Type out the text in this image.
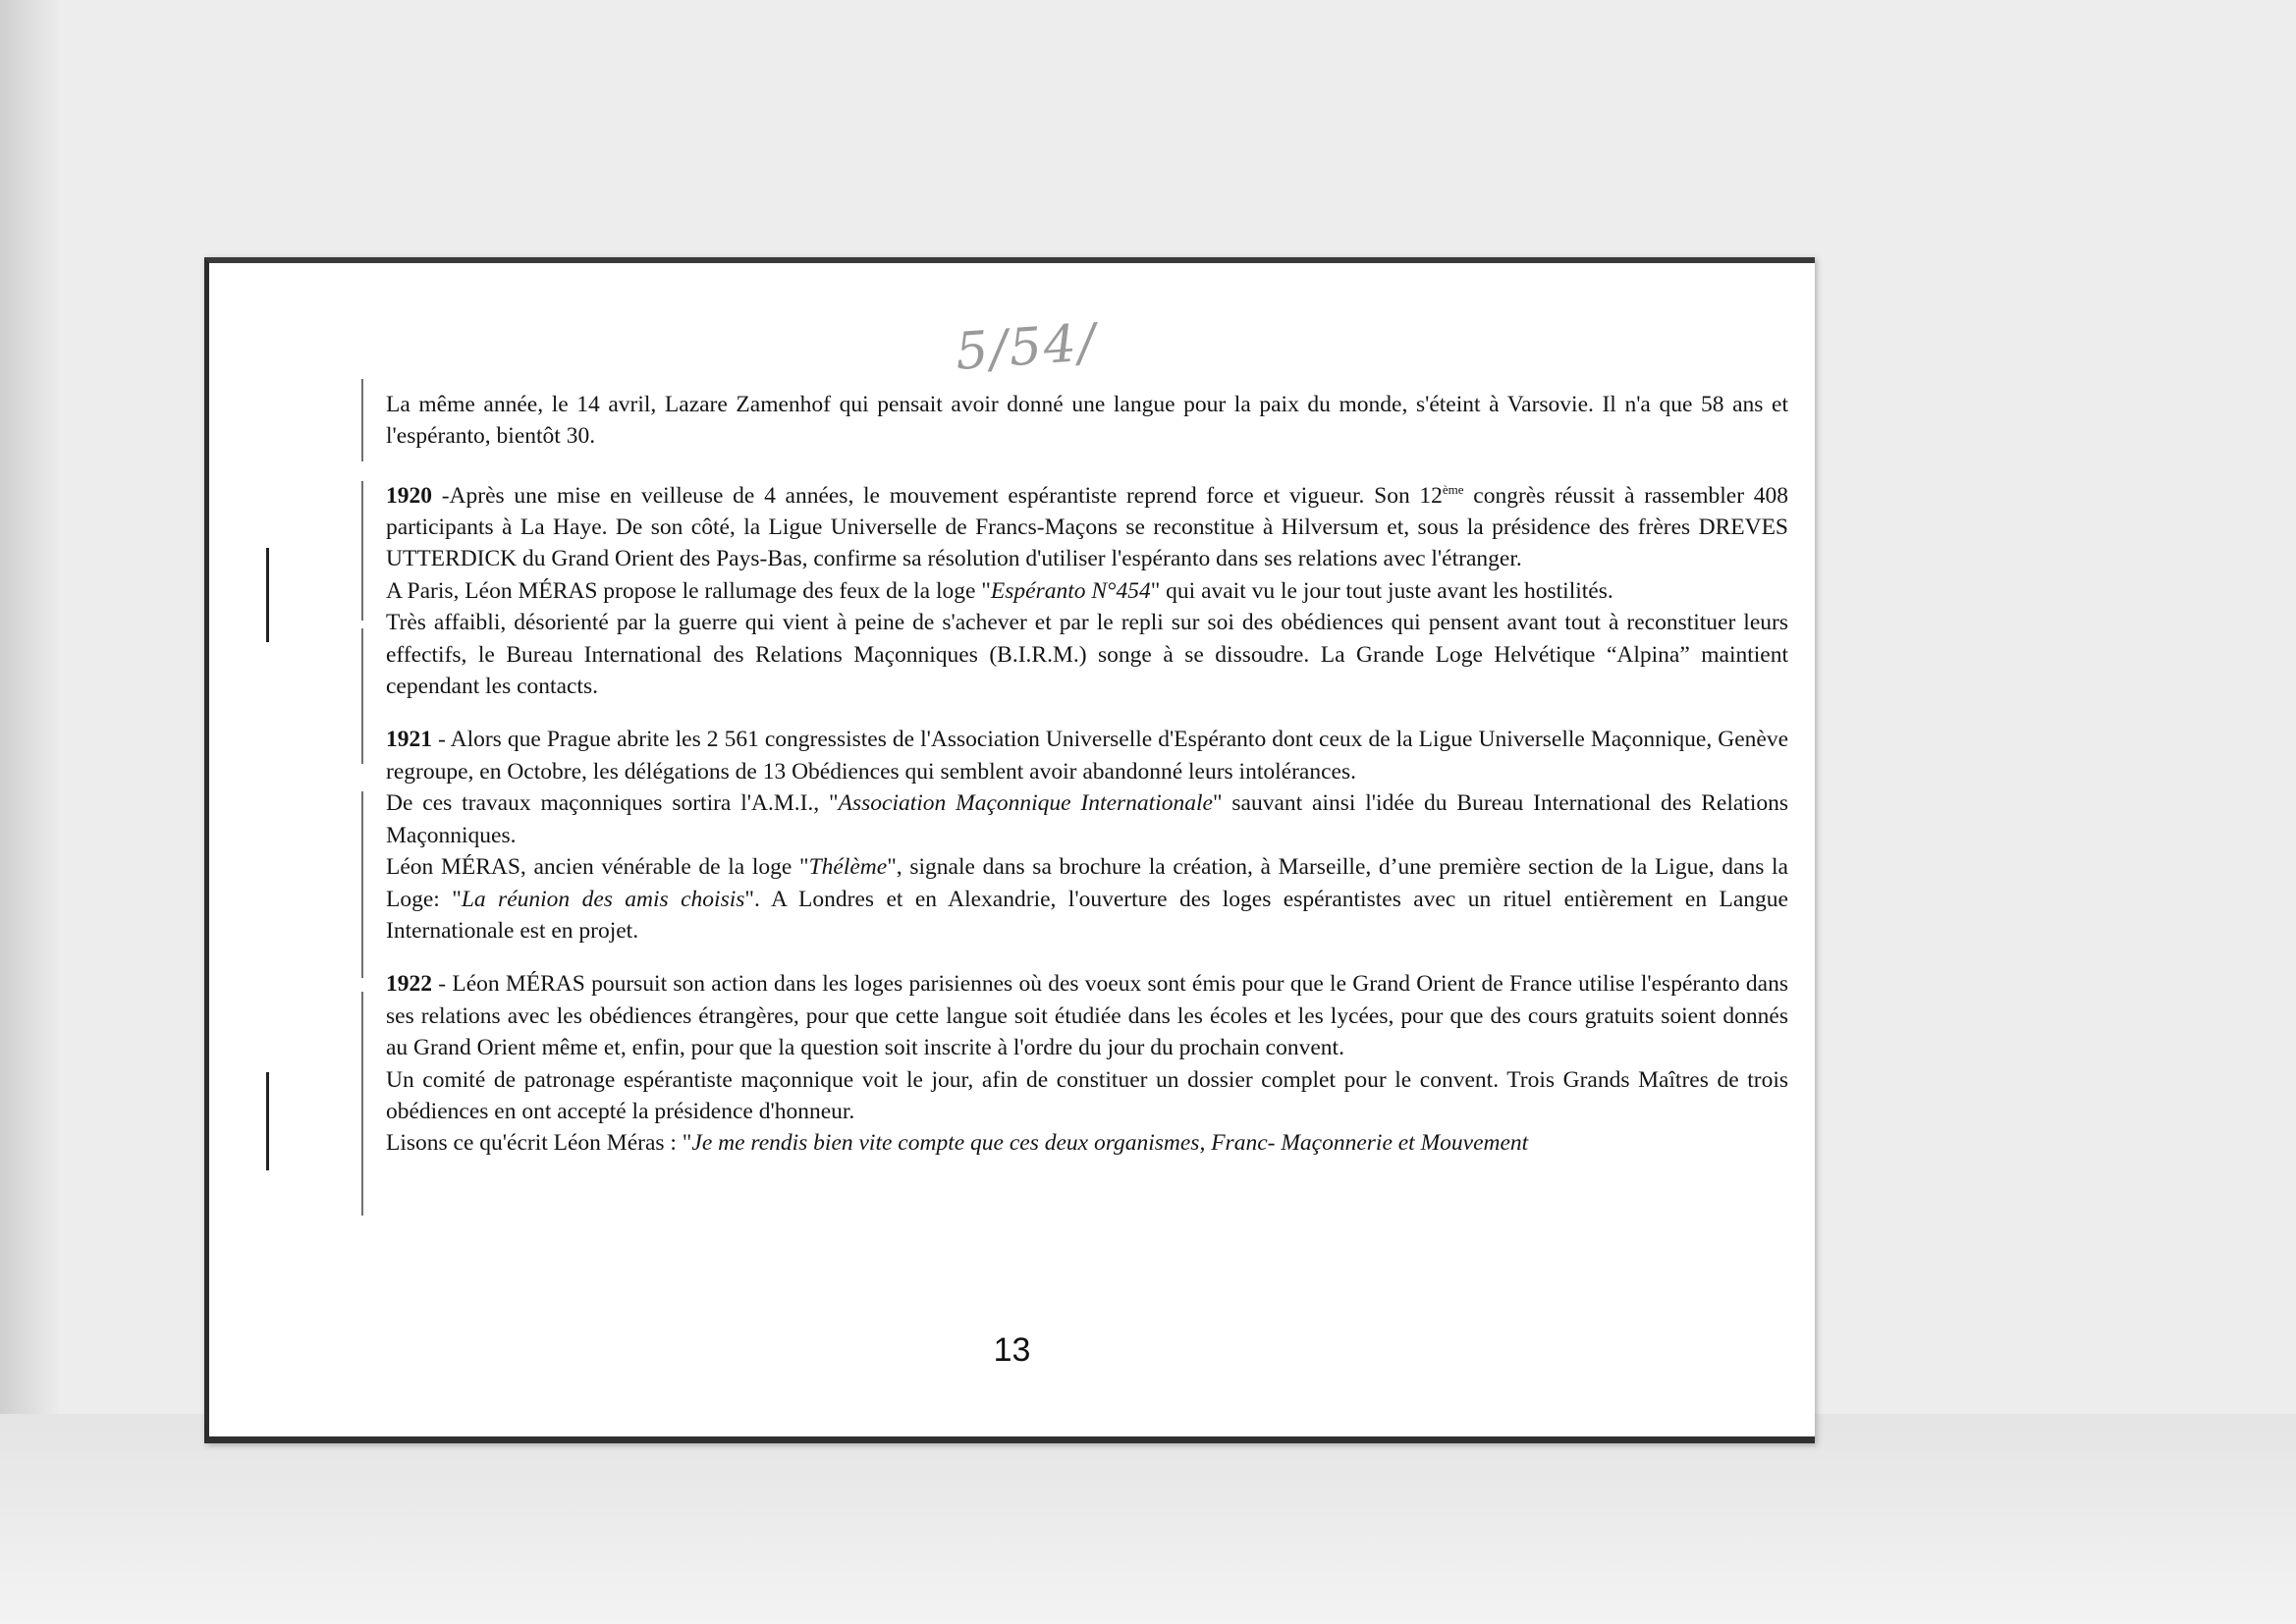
5/54/

La même année, le 14 avril, Lazare Zamenhof qui pensait avoir donné une langue pour la paix du monde, s'éteint à Varsovie. Il n'a que 58 ans et l'espéranto, bientôt 30.

1920 -Après une mise en veilleuse de 4 années, le mouvement espérantiste reprend force et vigueur. Son 12ème congrès réussit à rassembler 408 participants à La Haye. De son côté, la Ligue Universelle de Francs-Maçons se reconstitue à Hilversum et, sous la présidence des frères DREVES UTTERDICK du Grand Orient des Pays-Bas, confirme sa résolution d'utiliser l'espéranto dans ses relations avec l'étranger.

A Paris, Léon MÉRAS propose le rallumage des feux de la loge "Espéranto N°454" qui avait vu le jour tout juste avant les hostilités.

Très affaibli, désorienté par la guerre qui vient à peine de s'achever et par le repli sur soi des obédiences qui pensent avant tout à reconstituer leurs effectifs, le Bureau International des Relations Maçonniques (B.I.R.M.) songe à se dissoudre. La Grande Loge Helvétique “Alpina” maintient cependant les contacts.

1921 - Alors que Prague abrite les 2 561 congressistes de l'Association Universelle d'Espéranto dont ceux de la Ligue Universelle Maçonnique, Genève regroupe, en Octobre, les délégations de 13 Obédiences qui semblent avoir abandonné leurs intolérances.

De ces travaux maçonniques sortira l'A.M.I., "Association Maçonnique Internationale" sauvant ainsi l'idée du Bureau International des Relations Maçonniques.

Léon MÉRAS, ancien vénérable de la loge "Thélème", signale dans sa brochure la création, à Marseille, d’une première section de la Ligue, dans la Loge: "La réunion des amis choisis". A Londres et en Alexandrie, l'ouverture des loges espérantistes avec un rituel entièrement en Langue Internationale est en projet.

1922 - Léon MÉRAS poursuit son action dans les loges parisiennes où des voeux sont émis pour que le Grand Orient de France utilise l'espéranto dans ses relations avec les obédiences étrangères, pour que cette langue soit étudiée dans les écoles et les lycées, pour que des cours gratuits soient donnés au Grand Orient même et, enfin, pour que la question soit inscrite à l'ordre du jour du prochain convent.

Un comité de patronage espérantiste maçonnique voit le jour, afin de constituer un dossier complet pour le convent. Trois Grands Maîtres de trois obédiences en ont accepté la présidence d'honneur.

Lisons ce qu'écrit Léon Méras : "Je me rendis bien vite compte que ces deux organismes, Franc- Maçonnerie et Mouvement

13
